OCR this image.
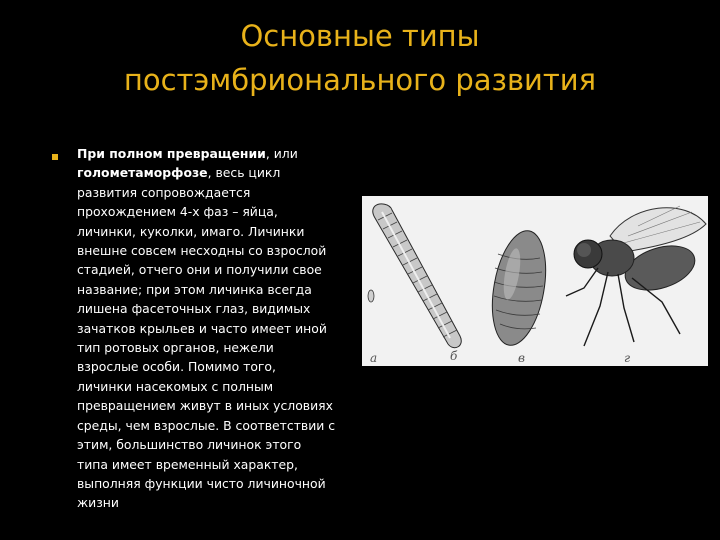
Основные типы
постэмбрионального развития
При полном превращении, или
голометаморфозе, весь цикл
развития сопровождается
прохождением 4-х фаз – яйца,
личинки, куколки, имаго. Личинки
внешне совсем несходны со взрослой
стадией, отчего они и получили свое
название; при этом личинка всегда
лишена фасеточных глаз, видимых
зачатков крыльев и часто имеет иной
тип ротовых органов, нежели
взрослые особи. Помимо того,
личинки насекомых с полным
превращением живут в иных условиях
среды, чем взрослые. В соответствии с
этим, большинство личинок этого
типа имеет временный характер,
выполняя функции чисто личиночной
жизни
а	б	в	г
